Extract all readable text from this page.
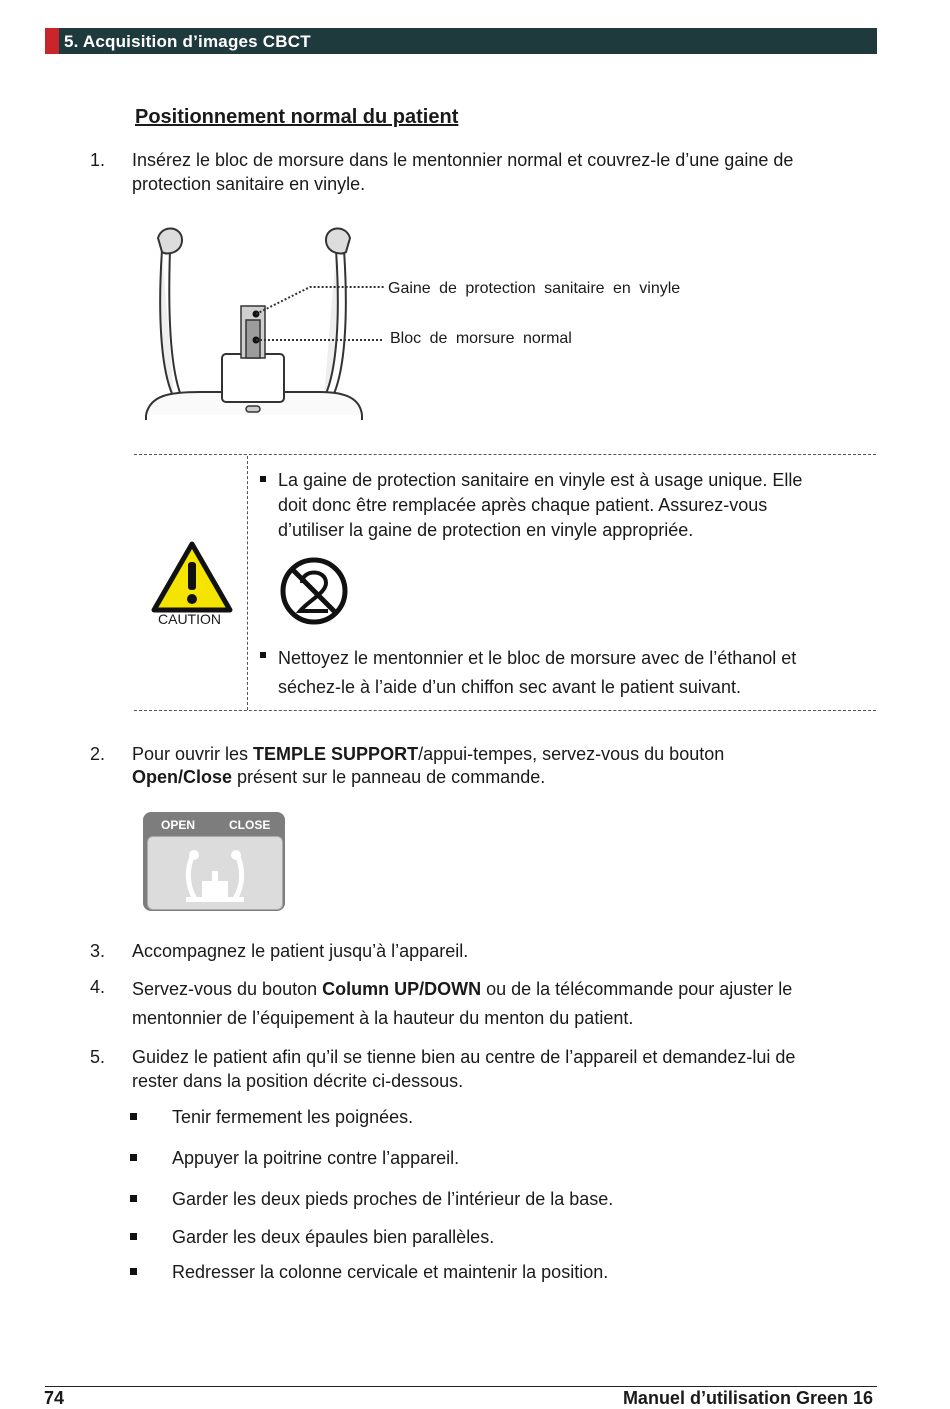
5. Acquisition d’images CBCT
Positionnement normal du patient
1. Insérez le bloc de morsure dans le mentonnier normal et couvrez-le d’une gaine de
protection sanitaire en vinyle.
Gaine de protection sanitaire en vinyle
Bloc de morsure normal
CAUTION
La gaine de protection sanitaire en vinyle est à usage unique. Elle
doit donc être remplacée après chaque patient. Assurez-vous
d’utiliser la gaine de protection en vinyle appropriée.
Nettoyez le mentonnier et le bloc de morsure avec de l’éthanol et
séchez-le à l’aide d’un chiffon sec avant le patient suivant.
2. Pour ouvrir les TEMPLE SUPPORT/appui-tempes, servez-vous du bouton
Open/Close présent sur le panneau de commande.
OPEN	CLOSE
3. Accompagnez le patient jusqu’à l’appareil.
4. Servez-vous du bouton Column UP/DOWN ou de la télécommande pour ajuster le
mentonnier de l’équipement à la hauteur du menton du patient.
5. Guidez le patient afin qu’il se tienne bien au centre de l’appareil et demandez-lui de
rester dans la position décrite ci-dessous.
Tenir fermement les poignées.
Appuyer la poitrine contre l’appareil.
Garder les deux pieds proches de l’intérieur de la base.
Garder les deux épaules bien parallèles.
Redresser la colonne cervicale et maintenir la position.
74	Manuel d’utilisation Green 16
